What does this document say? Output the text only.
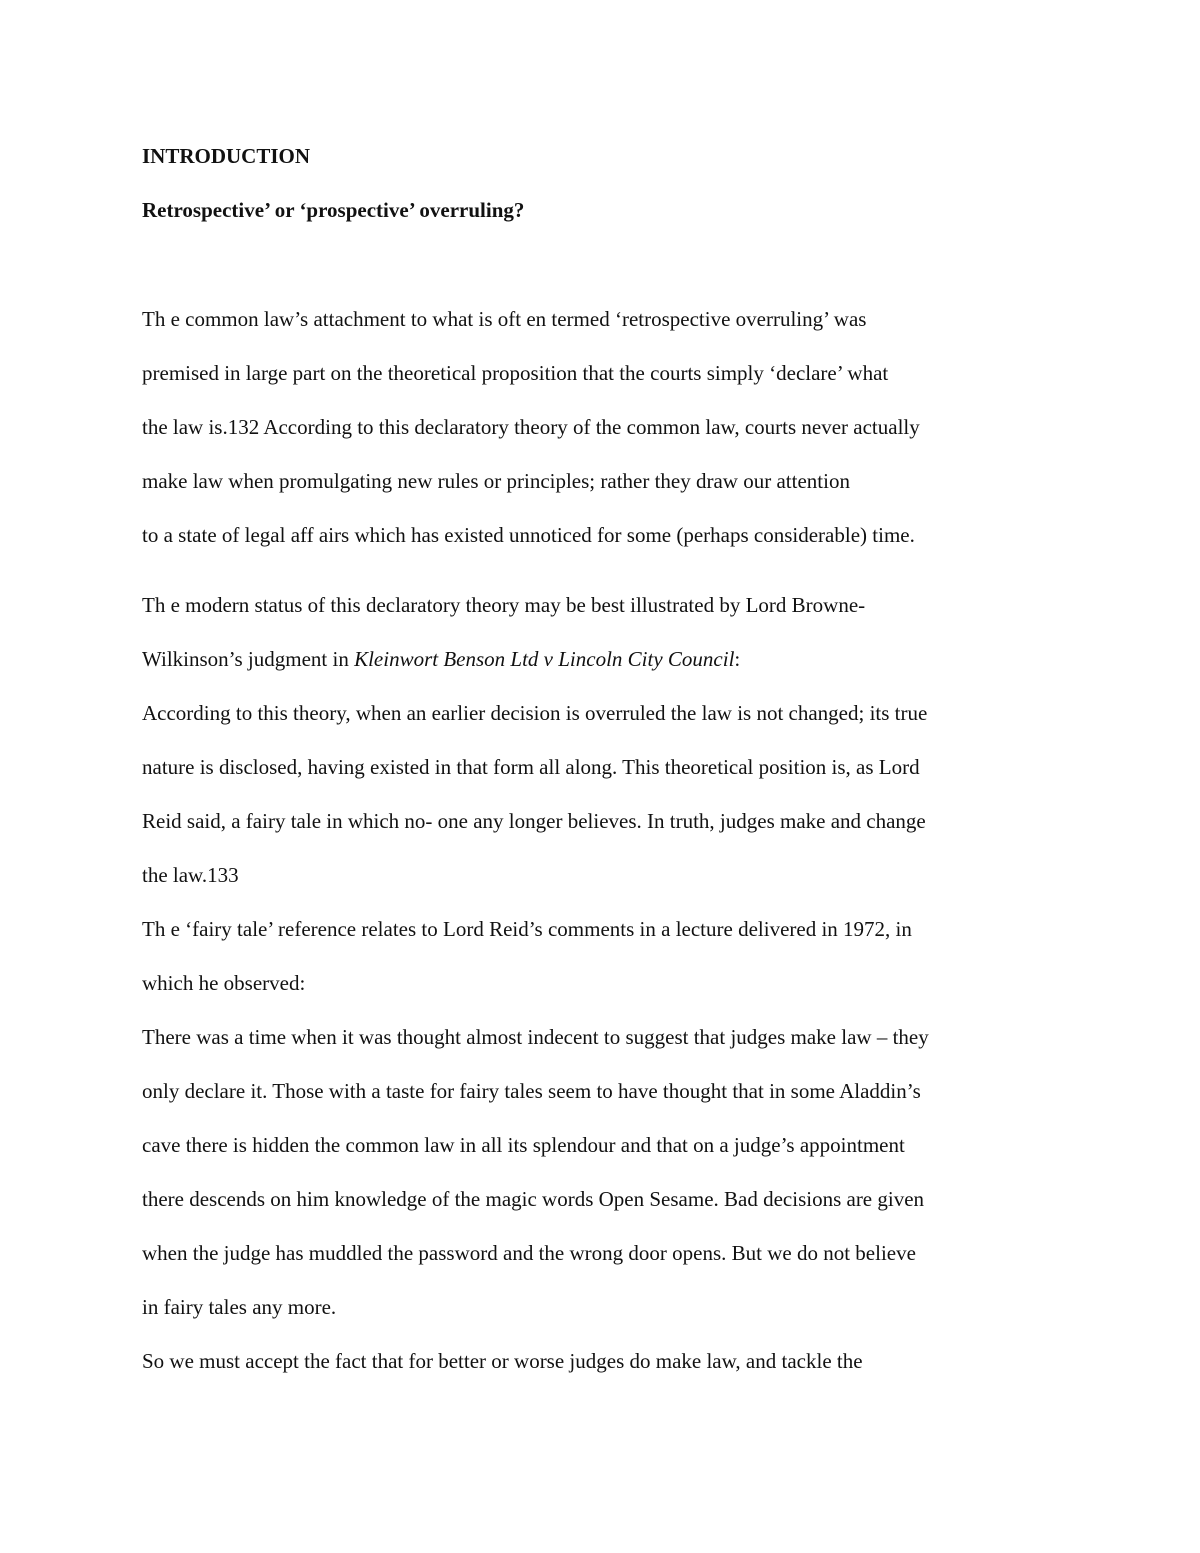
INTRODUCTION

Retrospective’ or ‘prospective’ overruling?

Th e common law’s attachment to what is oft en termed ‘retrospective overruling’ was

premised in large part on the theoretical proposition that the courts simply ‘declare’ what

the law is.132 According to this declaratory theory of the common law, courts never actually

make law when promulgating new rules or principles; rather they draw our attention

to a state of legal aff airs which has existed unnoticed for some (perhaps considerable) time.

Th e modern status of this declaratory theory may be best illustrated by Lord Browne-

Wilkinson’s judgment in Kleinwort Benson Ltd v Lincoln City Council:

According to this theory, when an earlier decision is overruled the law is not changed; its true

nature is disclosed, having existed in that form all along. This theoretical position is, as Lord

Reid said, a fairy tale in which no- one any longer believes. In truth, judges make and change

the law.133

Th e ‘fairy tale’ reference relates to Lord Reid’s comments in a lecture delivered in 1972, in

which he observed:

There was a time when it was thought almost indecent to suggest that judges make law – they

only declare it. Those with a taste for fairy tales seem to have thought that in some Aladdin’s

cave there is hidden the common law in all its splendour and that on a judge’s appointment

there descends on him knowledge of the magic words Open Sesame. Bad decisions are given

when the judge has muddled the password and the wrong door opens. But we do not believe

in fairy tales any more.

So we must accept the fact that for better or worse judges do make law, and tackle the
